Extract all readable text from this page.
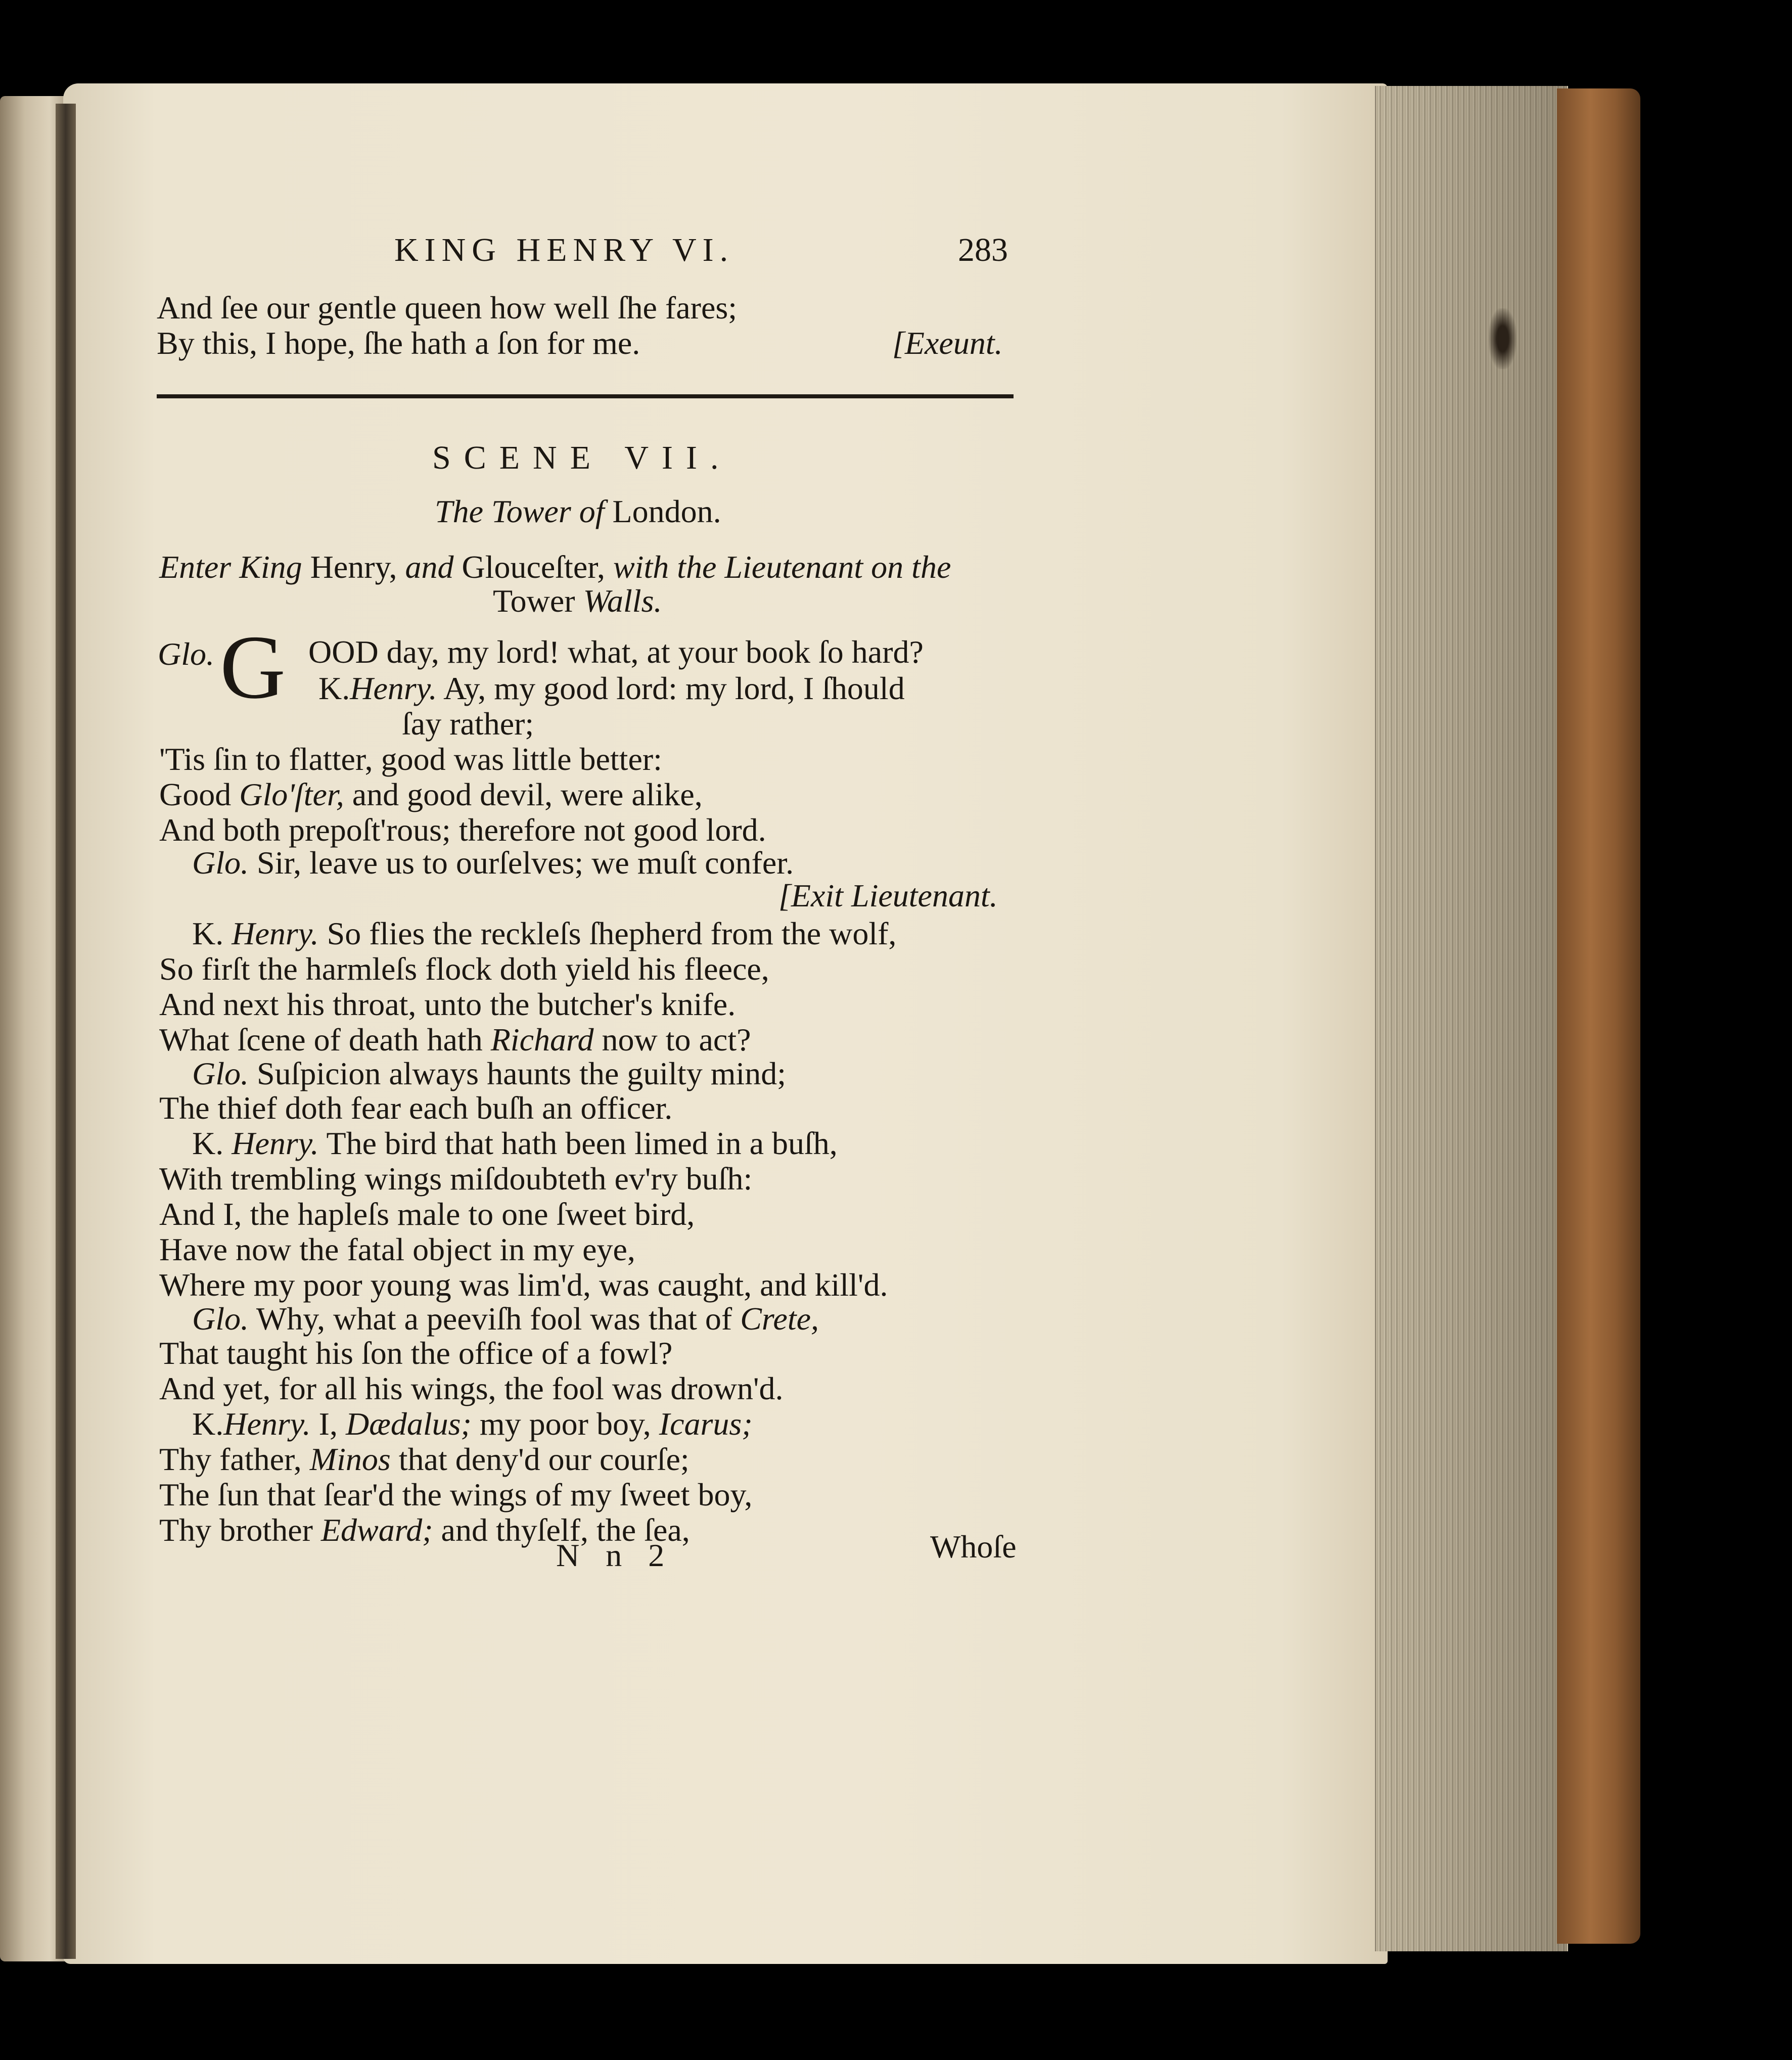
KING HENRY VI.	283
And ſee our gentle queen how well ſhe fares;
By this, I hope, ſhe hath a ſon for me.	[Exeunt.
SCENE VII.
The Tower of London.
Enter King Henry, and Glouceſter, with the Lieutenant on the
Tower Walls.
Glo. G OOD day, my lord! what, at your book ſo hard?
K.Henry. Ay, my good lord: my lord, I ſhould
ſay rather;
'Tis ſin to flatter, good was little better:
Good Glo'ſter, and good devil, were alike,
And both prepoſt'rous; therefore not good lord.
Glo. Sir, leave us to ourſelves; we muſt confer.
[Exit Lieutenant.
K. Henry. So flies the reckleſs ſhepherd from the wolf,
So firſt the harmleſs flock doth yield his fleece,
And next his throat, unto the butcher's knife.
What ſcene of death hath Richard now to act?
Glo. Suſpicion always haunts the guilty mind;
The thief doth fear each buſh an officer.
K. Henry. The bird that hath been limed in a buſh,
With trembling wings miſdoubteth ev'ry buſh:
And I, the hapleſs male to one ſweet bird,
Have now the fatal object in my eye,
Where my poor young was lim'd, was caught, and kill'd.
Glo. Why, what a peeviſh fool was that of Crete,
That taught his ſon the office of a fowl?
And yet, for all his wings, the fool was drown'd.
K.Henry. I, Dædalus; my poor boy, Icarus;
Thy father, Minos that deny'd our courſe;
The ſun that ſear'd the wings of my ſweet boy,
Thy brother Edward; and thyſelf, the ſea,
N n 2	Whoſe
